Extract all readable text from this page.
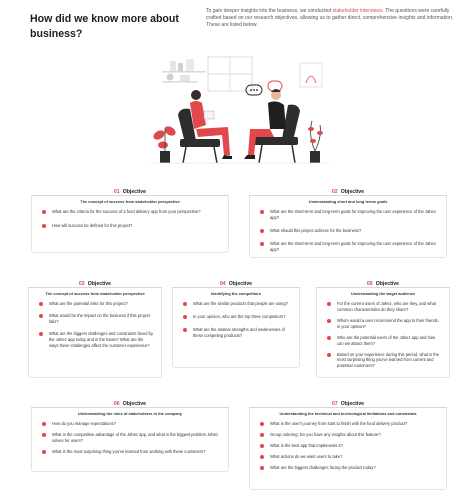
How did we know more about business?

To gain deeper insights into the business, we conducted stakeholder interviews. The questions were carefully crafted based on our research objectives, allowing us to gather direct, comprehensive insights and information. These are listed below.

01 Objective
The concept of success from stakeholder perspective
What are the criteria for the success of a food delivery app from your perspective?
How will success be defined for this project?
02 Objective
Understanding short and long terms goals
What are the short-term and long-term goals for improving the user experience of the Jahez app?
What should this project achieve for the business?
What are the short-term and long-term goals for improving the user experience of the Jahez app?
03 Objective
The concept of success from stakeholder perspective
What are the potential risks for this project?
What would be the impact on the business if this project fails?
What are the biggest challenges and constraints faced by the Jahez app today and in the future? What are the ways these challenges affect the customer experience?
04 Objective
Identifying the competitors
What are the similar products that people are using?
In your opinion, who are the top three competitors?
What are the relative strengths and weaknesses of these competing products?
05 Objective
Understanding the target audience
For the current users of Jahez, who are they, and what common characteristics do they share?
Whom would a user recommend the app to their friends, in your opinion?
Who are the potential users of the Jahez app and how can we attract them?
Based on your experience during this period, what is the most surprising thing you've learned from current and potential customers?
06 Objective
Understanding the roles of stakeholders in the company
How do you manage expectations?
What is the competitive advantage of the Jahez app, and what is the biggest problem Jahez solves for users?
What is the most surprising thing you've learned from working with these customers?
07 Objective
Understanding the technical and technological limitations and constraints
What is the user's journey from start to finish with the food delivery product?
Group ordering: Do you have any insights about this feature?
What is the best app that implements it?
What actions do we want users to take?
What are the biggest challenges facing the product today?
